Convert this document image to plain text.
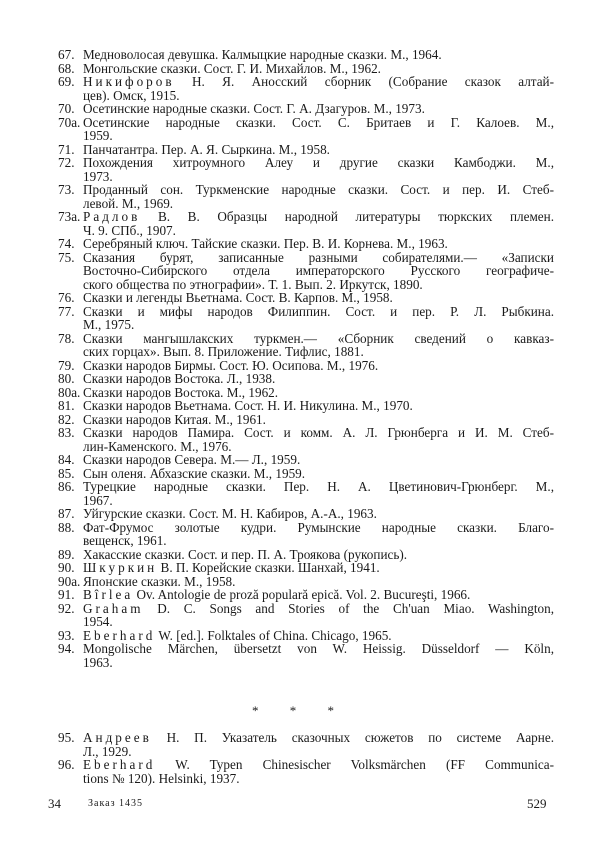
67. Медноволосая девушка. Калмыцкие народные сказки. М., 1964.
68. Монгольские сказки. Сост. Г. И. Михайлов. М., 1962.
69. Никифоров Н. Я. Аносский сборник (Собрание сказок алтай-
цев). Омск, 1915.
70. Осетинские народные сказки. Сост. Г. А. Дзагуров. М., 1973.
70a. Осетинские народные сказки. Сост. С. Бритаев и Г. Калоев. М.,
1959.
71. Панчатантра. Пер. А. Я. Сыркина. М., 1958.
72. Похождения хитроумного Алеу и другие сказки Камбоджи. М.,
1973.
73. Проданный сон. Туркменские народные сказки. Сост. и пер. И. Стеб-
левой. М., 1969.
73a. Радлов В. В. Образцы народной литературы тюркских племен.
Ч. 9. СПб., 1907.
74. Серебряный ключ. Тайские сказки. Пер. В. И. Корнева. М., 1963.
75. Сказания бурят, записанные разными собирателями.— «Записки
Восточно-Сибирского отдела императорского Русского географиче-
ского общества по этнографии». Т. 1. Вып. 2. Иркутск, 1890.
76. Сказки и легенды Вьетнама. Сост. В. Карпов. М., 1958.
77. Сказки и мифы народов Филиппин. Сост. и пер. Р. Л. Рыбкина.
М., 1975.
78. Сказки мангышлакских туркмен.— «Сборник сведений о кавказ-
ских горцах». Вып. 8. Приложение. Тифлис, 1881.
79. Сказки народов Бирмы. Сост. Ю. Осипова. М., 1976.
80. Сказки народов Востока. Л., 1938.
80a. Сказки народов Востока. М., 1962.
81. Сказки народов Вьетнама. Сост. Н. И. Никулина. М., 1970.
82. Сказки народов Китая. М., 1961.
83. Сказки народов Памира. Сост. и комм. А. Л. Грюнберга и И. М. Стеб-
лин-Каменского. М., 1976.
84. Сказки народов Севера. М.— Л., 1959.
85. Сын оленя. Абхазские сказки. М., 1959.
86. Турецкие народные сказки. Пер. Н. А. Цветинович-Грюнберг. М.,
1967.
87. Уйгурские сказки. Сост. М. Н. Кабиров, А.-А., 1963.
88. Фат-Фрумос золотые кудри. Румынские народные сказки. Благо-
вещенск, 1961.
89. Хакасские сказки. Сост. и пер. П. А. Троякова (рукопись).
90. Шкуркин В. П. Корейские сказки. Шанхай, 1941.
90a. Японские сказки. М., 1958.
91. Bîrlea Ov. Antologie de proză populară epică. Vol. 2. Bucureşti, 1966.
92. Graham D. C. Songs and Stories of the Ch'uan Miao. Washington,
1954.
93. Eberhard W. [ed.]. Folktales of China. Chicago, 1965.
94. Mongolische Märchen, übersetzt von W. Heissig. Düsseldorf — Köln,
1963.
* * *
95. Андреев Н. П. Указатель сказочных сюжетов по системе Аарне.
Л., 1929.
96. Eberhard W. Typen Chinesischer Volksmärchen (FF Communica-
tions № 120). Helsinki, 1937.
34	Заказ 1435	529
